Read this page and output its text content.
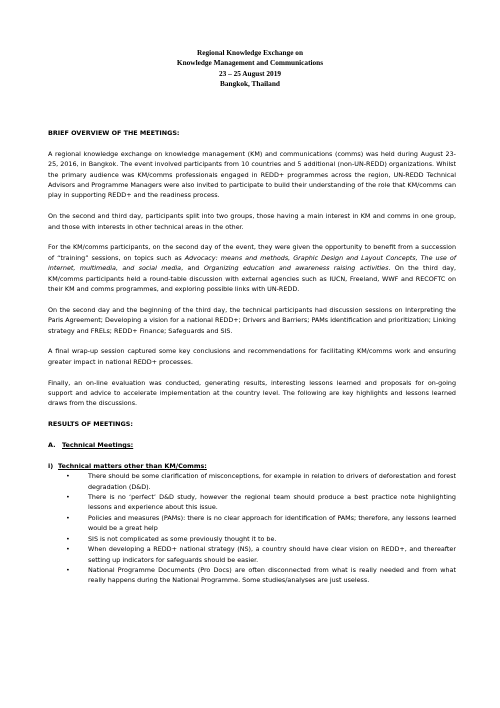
Regional Knowledge Exchange on
Knowledge Management and Communications
23 – 25 August 2019
Bangkok, Thailand
BRIEF OVERVIEW OF THE MEETINGS:

A regional knowledge exchange on knowledge management (KM) and communications (comms) was held during August 23-25, 2016, in Bangkok. The event involved participants from 10 countries and 5 additional (non-UN-REDD) organizations. Whilst the primary audience was KM/comms professionals engaged in REDD+ programmes across the region, UN-REDD Technical Advisors and Programme Managers were also invited to participate to build their understanding of the role that KM/comms can play in supporting REDD+ and the readiness process.

On the second and third day, participants split into two groups, those having a main interest in KM and comms in one group, and those with interests in other technical areas in the other.

For the KM/comms participants, on the second day of the event, they were given the opportunity to benefit from a succession of “training” sessions, on topics such as Advocacy: means and methods, Graphic Design and Layout Concepts, The use of internet, multimedia, and social media, and Organizing education and awareness raising activities. On the third day, KM/comms participants held a round-table discussion with external agencies such as IUCN, Freeland, WWF and RECOFTC on their KM and comms programmes, and exploring possible links with UN-REDD.

On the second day and the beginning of the third day, the technical participants had discussion sessions on Interpreting the Paris Agreement; Developing a vision for a national REDD+; Drivers and Barriers; PAMs identification and prioritization; Linking strategy and FRELs; REDD+ Finance; Safeguards and SIS.

A final wrap-up session captured some key conclusions and recommendations for facilitating KM/comms work and ensuring greater impact in national REDD+ processes.

Finally, an on-line evaluation was conducted, generating results, interesting lessons learned and proposals for on-going support and advice to accelerate implementation at the country level. The following are key highlights and lessons learned draws from the discussions.

RESULTS OF MEETINGS:
A. Technical Meetings:
i) Technical matters other than KM/Comms:
•	There should be some clarification of misconceptions, for example in relation to drivers of deforestation and forest degradation (D&D).
•	There is no ‘perfect’ D&D study, however the regional team should produce a best practice note highlighting lessons and experience about this issue.
•	Policies and measures (PAMs): there is no clear approach for identification of PAMs; therefore, any lessons learned would be a great help
•	SIS is not complicated as some previously thought it to be.
•	When developing a REDD+ national strategy (NS), a country should have clear vision on REDD+, and thereafter setting up indicators for safeguards should be easier.
•	National Programme Documents (Pro Docs) are often disconnected from what is really needed and from what really happens during the National Programme. Some studies/analyses are just useless.
